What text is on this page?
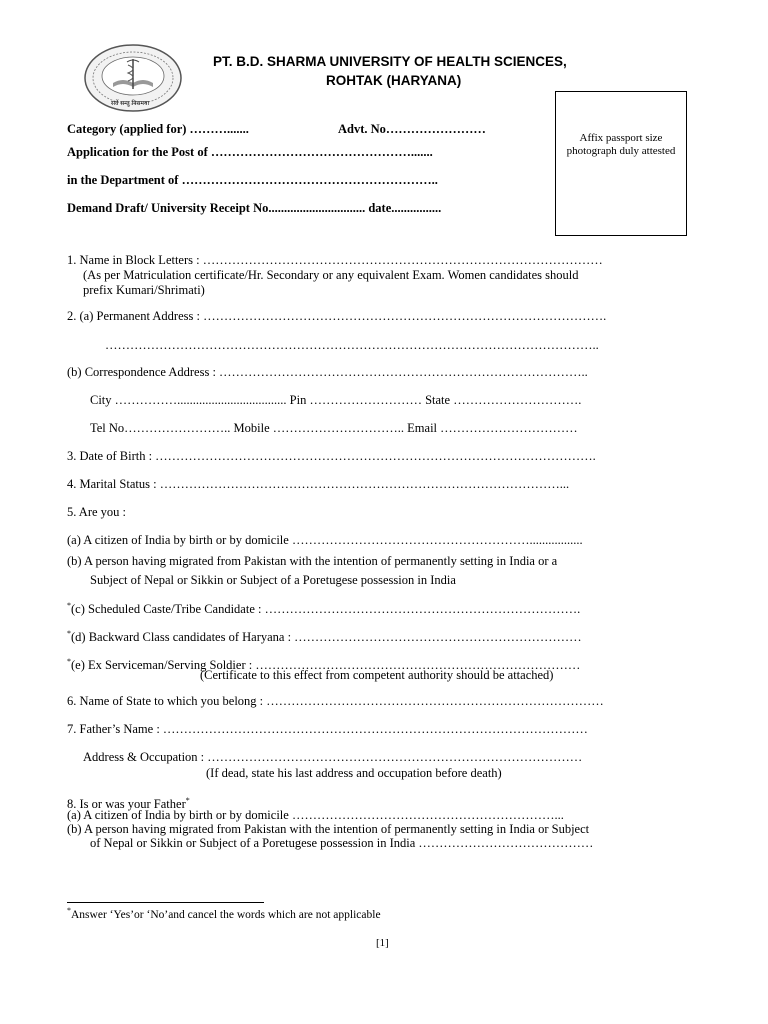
सर्वे सन्तु निरामया
PT. B.D. SHARMA UNIVERSITY OF HEALTH SCIENCES,
ROHTAK (HARYANA)
Affix passport size photograph duly attested
Category (applied for) ……….......	Advt. No……………………
Application for the Post of ………………………………………….......
in the Department of ……………………………………………………..
Demand Draft/ University Receipt No............................... date................
1. Name in Block Letters : ……………………………………………………………………………………
(As per Matriculation certificate/Hr. Secondary or any equivalent Exam. Women candidates should
prefix Kumari/Shrimati)
2. (a) Permanent Address : …………………………………………………………………………………….
………………………………………………………………………………………………………..
(b) Correspondence Address : ……………………………………………………………………………..
City ……………................................... Pin ……………………… State ………………………….
Tel No…………………….. Mobile ………………………….. Email ……………………………
3. Date of Birth : …………………………………………………………………………………………….
4. Marital Status : ……………………………………………………………………………………...
5. Are you :
(a) A citizen of India by birth or by domicile ………………………………………………….................
(b) A person having migrated from Pakistan with the intention of permanently setting in India or a
Subject of Nepal or Sikkin or Subject of a Poretugese possession in India
*(c) Scheduled Caste/Tribe Candidate : ………………………………………………………………….
*(d) Backward Class candidates of Haryana : ……………………………………………………………
*(e) Ex Serviceman/Serving Soldier : ……………………………………………………………………
(Certificate to this effect from competent authority should be attached)
6. Name of State to which you belong : ………………………………………………………………………
7. Father’s Name : …………………………………………………………………………………………
Address & Occupation : ………………………………………………………………………………
(If dead, state his last address and occupation before death)
8. Is or was your Father*
(a) A citizen of India by birth or by domicile ………………………………………………………...
(b) A person having migrated from Pakistan with the intention of permanently setting in India or Subject
of Nepal or Sikkin or Subject of a Poretugese possession in India ……………………………………
*Answer ‘Yes’or ‘No’and cancel the words which are not applicable
[1]
